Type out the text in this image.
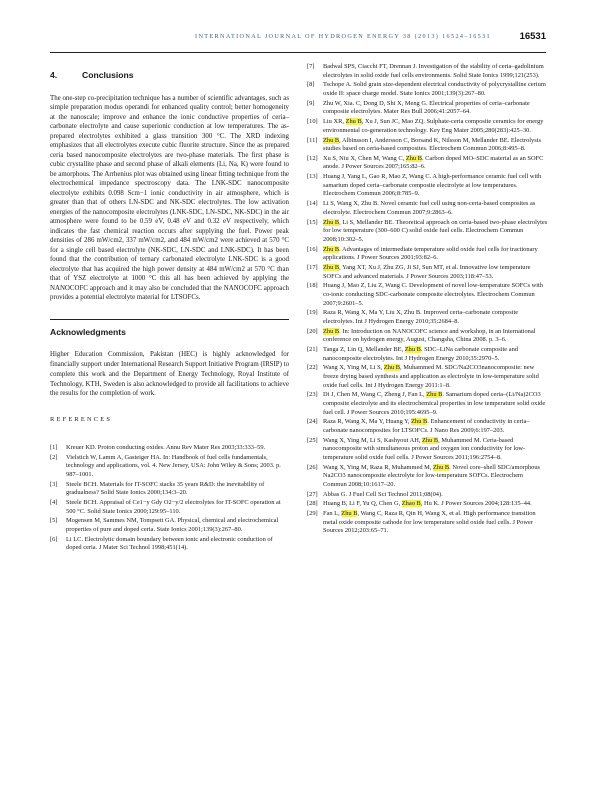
INTERNATIONAL JOURNAL OF HYDROGEN ENERGY 38 (2013) 16524–16531	16531
4.	Conclusions

The one-step co-precipitation technique has a number of scientific advantages, such as simple preparation modus operandi for enhanced quality control; better homogeneity at the nanoscale; improve and enhance the ionic conductive properties of ceria–carbonate electrolyte and cause superionic conduction at low temperatures. The as-prepared electrolytes exhibited a glass transition 300 °C. The XRD indexing emphasizes that all electrolytes execute cubic fluorite structure. Since the as prepared ceria based nanocomposite electrolytes are two-phase materials. The first phase is cubic crystallite phase and second phase of alkali elements (Li, Na, K) were found to be amorphous. The Arrhenius plot was obtained using linear fitting technique from the electrochemical impedance spectroscopy data. The LNK-SDC nanocomposite electrolyte exhibits 0.098 Scm−1 ionic conductivity in air atmosphere, which is greater than that of others LN-SDC and NK-SDC electrolytes. The low activation energies of the nanocomposite electrolytes (LNK-SDC, LN-SDC, NK-SDC) in the air atmosphere were found to be 0.59 eV, 0.48 eV and 0.32 eV respectively, which indicates the fast chemical reaction occurs after supplying the fuel. Power peak densities of 286 mW/cm2, 337 mW/cm2, and 484 mW/cm2 were achieved at 570 °C for a single cell based electrolyte (NK-SDC, LN-SDC and LNK-SDC). It has been found that the contribution of ternary carbonated electrolyte LNK-SDC is a good electrolyte that has acquired the high power density at 484 mW/cm2 at 570 °C than that of YSZ electrolyte at 1000 °C this all has been achieved by applying the NANOCOFC approach and it may also be concluded that the NANOCOFC approach provides a potential electrolyte material for LTSOFCs.

Acknowledgments

Higher Education Commission, Pakistan (HEC) is highly acknowledged for financially support under International Research Support Initiative Program (IRSIP) to complete this work and the Department of Energy Technology, Royal Institute of Technology, KTH, Sweden is also acknowledged to provide all facilitations to achieve the results for the completion of work.

REFERENCES
[1] Kreuer KD. Proton conducting oxides. Annu Rev Mater Res 2003;33:333–59.
[2] Vielstich W, Lamm A, Gasteiger HA. In: Handbook of fuel cells fundamentals, technology and applications, vol. 4. New Jersey, USA: John Wiley & Sons; 2003. p. 987–1001.
[3] Steele BCH. Materials for IT-SOFC stacks 35 years R&D: the inevitability of gradualness? Solid State Ionics 2000;134:3–20.
[4] Steele BCH. Appraisal of Ce1−y Gdy O2−y/2 electrolytes for IT-SOFC operation at 500 °C. Solid State Ionics 2000;129:95–110.
[5] Mogensen M, Sammes NM, Tompsett GA. Physical, chemical and electrochemical properties of pure and doped ceria. State Ionics 2001;139(3):267–80.
[6] Li LC. Electrolytic domain boundary between ionic and electronic conduction of doped ceria. J Mater Sci Technol 1998;451(14).
[7] Badwal SPS, Ciacchi FT, Drennan J. Investigation of the stability of ceria–gadolinium electrolytes in solid oxide fuel cells environments. Solid State Ionics 1999;121(253).
[8] Tschope A. Solid grain size-dependent electrical conductivity of polycrystalline cerium oxide II: space charge model. State Ionics 2001;139(3):267–80.
[9] Zhu W, Xia. C, Dong D, Shi X, Meng G. Electrical properties of ceria–carbonate composite electrolytes. Mater Res Bull 2006;41:2057–64.
[10] Liu XR, Zhu B, Xu J, Sun JC, Mao ZQ. Sulphate-ceria composite ceramics for energy environmental co-generation technology. Key Eng Mater 2005;280(283):425–30.
[11] Zhu B, Albinsson I, Andersson C, Borsand K, Nilsson M, Mellander BE. Electrolysis studies based on ceria-based composites. Electrochem Commun 2006;8:495–8.
[12] Xu S, Niu X, Chen M, Wang C, Zhu B. Carbon doped MO–SDC material as an SOFC anode. J Power Sources 2007;165:82–6.
[13] Huang J, Yang L, Gao R, Mao Z, Wang C. A high-performance ceramic fuel cell with samarium doped ceria–carbonate composite electrolyte at low temperatures. Electrochem Commun 2006;8:785–9.
[14] Li S, Wang X, Zhu B. Novel ceramic fuel cell using non-ceria-based composites as electrolyte. Electrochem Commun 2007;9:2863–6.
[15] Zhu B, Li S, Mellander BE. Theoretical approach on ceria-based two-phase electrolytes for low temperature (300–600 C) solid oxide fuel cells. Electrochem Commun 2008;10:302–5.
[16] Zhu B. Advantages of intermediate temperature solid oxide fuel cells for tractionary applications. J Power Sources 2001;93:82–6.
[17] Zhu B, Yang XT, Xu J, Zhu ZG, Ji SJ, Sun MT, et al. Innovative low temperature SOFCs and advanced materials. J Power Sources 2003;118:47–53.
[18] Huang J, Mao Z, Liu Z, Wang C. Development of novel low-temperature SOFCs with co-ionic conducting SDC-carbonate composite electrolytes. Electrochem Commun 2007;9:2601–5.
[19] Raza R, Wang X, Ma Y, Liu X, Zhu B. Improved ceria–carbonate composite electrolytes. Int J Hydrogen Energy 2010;35:2684–8.
[20] Zhu B. In: Introduction on NANOCOFC science and workshop, in an International conference on hydrogen energy, August, Changsha, China 2008. p. 3–6.
[21] Tanga Z, Lin Q, Mellander BE, Zhu B. SDC–LiNa carbonate composite and nanocomposite electrolytes. Int J Hydrogen Energy 2010;35:2970–5.
[22] Wang X, Ying M, Li S, Zhu B, Muhammed M. SDC/Na2CO3nanocomposite: new freeze drying based synthesis and application as electrolyte in low-temperature solid oxide fuel cells. Int J Hydrogen Energy 2011:1–8.
[23] Di J, Chen M, Wang C, Zheng J, Fan L, Zhu B. Samarium doped ceria–(Li/Na)2CO3 composite electrolyte and its electrochemical properties in low temperature solid oxide fuel cell. J Power Sources 2010;195:4695–9.
[24] Raza R, Wang X, Ma Y, Huang Y, Zhu B. Enhancement of conductivity in ceria–carbonate nanocomposites for LTSOFCs. J Nano Res 2009;6:197–203.
[25] Wang X, Ying M, Li S, Kashyout AH, Zhu B, Muhammed M. Ceria-based nanocomposite with simultaneous proton and oxygen ion conductivity for low-temperature solid oxide fuel cells. J Power Sources 2011;196:2754–8.
[26] Wang X, Ying M, Raza R, Muhammed M, Zhu B. Novel core–shell SDC/amorphous Na2CO3 nanocomposite electrolyte for low-temperature SOFCs. Electrochem Commun 2008;10:1617–20.
[27] Abbas G. J Fuel Cell Sci Technol 2011;08(04).
[28] Huang B, Li F, Yu Q, Chen G, Zhao B, Hu K. J Power Sources 2004;128:135–44.
[29] Fan L, Zhu B, Wang C, Raza R, Qin H, Wang X, et al. High performance transition metal oxide composite cathode for low temperature solid oxide fuel cells. J Power Sources 2012;203:65–71.
